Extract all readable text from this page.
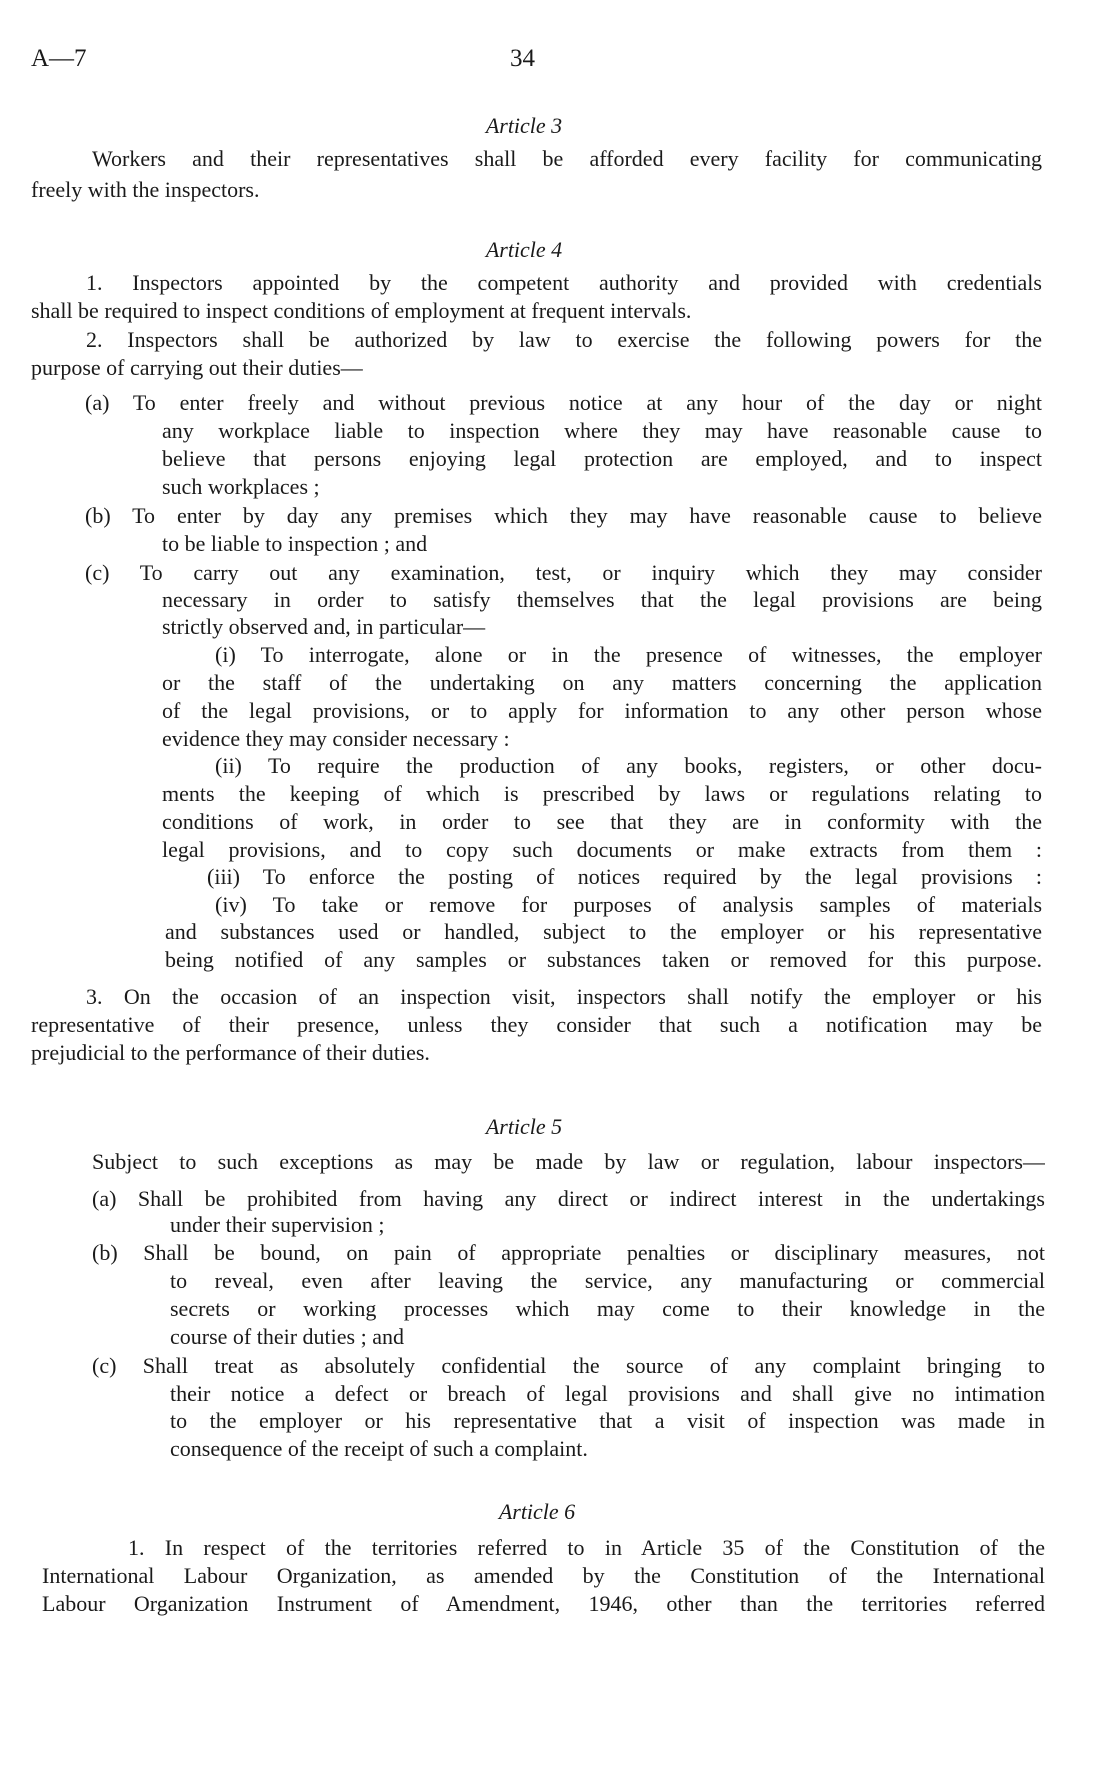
A—7	34
Article 3
Workers and their representatives shall be afforded every facility for communicating
freely with the inspectors.
Article 4
1. Inspectors appointed by the competent authority and provided with credentials
shall be required to inspect conditions of employment at frequent intervals.
2. Inspectors shall be authorized by law to exercise the following powers for the
purpose of carrying out their duties—
(a) To enter freely and without previous notice at any hour of the day or night
any workplace liable to inspection where they may have reasonable cause to
believe that persons enjoying legal protection are employed, and to inspect
such workplaces ;
(b) To enter by day any premises which they may have reasonable cause to believe
to be liable to inspection ; and
(c) To carry out any examination, test, or inquiry which they may consider
necessary in order to satisfy themselves that the legal provisions are being
strictly observed and, in particular—
(i) To interrogate, alone or in the presence of witnesses, the employer
or the staff of the undertaking on any matters concerning the application
of the legal provisions, or to apply for information to any other person whose
evidence they may consider necessary :
(ii) To require the production of any books, registers, or other docu-
ments the keeping of which is prescribed by laws or regulations relating to
conditions of work, in order to see that they are in conformity with the
legal provisions, and to copy such documents or make extracts from them :
(iii) To enforce the posting of notices required by the legal provisions :
(iv) To take or remove for purposes of analysis samples of materials
and substances used or handled, subject to the employer or his representative
being notified of any samples or substances taken or removed for this purpose.
3. On the occasion of an inspection visit, inspectors shall notify the employer or his
representative of their presence, unless they consider that such a notification may be
prejudicial to the performance of their duties.
Article 5
Subject to such exceptions as may be made by law or regulation, labour inspectors—
(a) Shall be prohibited from having any direct or indirect interest in the undertakings
under their supervision ;
(b) Shall be bound, on pain of appropriate penalties or disciplinary measures, not
to reveal, even after leaving the service, any manufacturing or commercial
secrets or working processes which may come to their knowledge in the
course of their duties ; and
(c) Shall treat as absolutely confidential the source of any complaint bringing to
their notice a defect or breach of legal provisions and shall give no intimation
to the employer or his representative that a visit of inspection was made in
consequence of the receipt of such a complaint.
Article 6
1. In respect of the territories referred to in Article 35 of the Constitution of the
International Labour Organization, as amended by the Constitution of the International
Labour Organization Instrument of Amendment, 1946, other than the territories referred
